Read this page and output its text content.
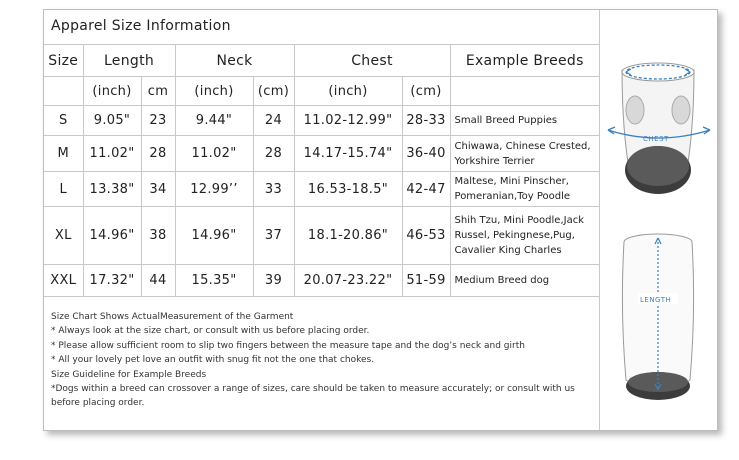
Apparel Size Information
Size	Length		Neck		Chest		Example Breeds
	(inch)	cm	(inch)	(cm)	(inch)	(cm)	
S	9.05"	23	9.44"	24	11.02-12.99"	28-33	Small Breed Puppies
M	11.02"	28	11.02"	28	14.17-15.74"	36-40	Chiwawa, Chinese Crested, Yorkshire Terrier
L	13.38"	34	12.99’’	33	16.53-18.5"	42-47	Maltese, Mini Pinscher, Pomeranian,Toy Poodle
XL	14.96"	38	14.96"	37	18.1-20.86"	46-53	Shih Tzu, Mini Poodle,Jack Russel, Pekingnese,Pug, Cavalier King Charles
XXL	17.32"	44	15.35"	39	20.07-23.22"	51-59	Medium Breed dog
Size Chart Shows ActualMeasurement of the Garment
* Always look at the size chart, or consult with us before placing order.
* Please allow sufficient room to slip two fingers between the measure tape and the dog’s neck and girth
* All your lovely pet love an outfit with snug fit not the one that chokes.
Size Guideline for Example Breeds
*Dogs within a breed can crossover a range of sizes, care should be taken to measure accurately; or consult with us
before placing order.
CHEST
LENGTH
